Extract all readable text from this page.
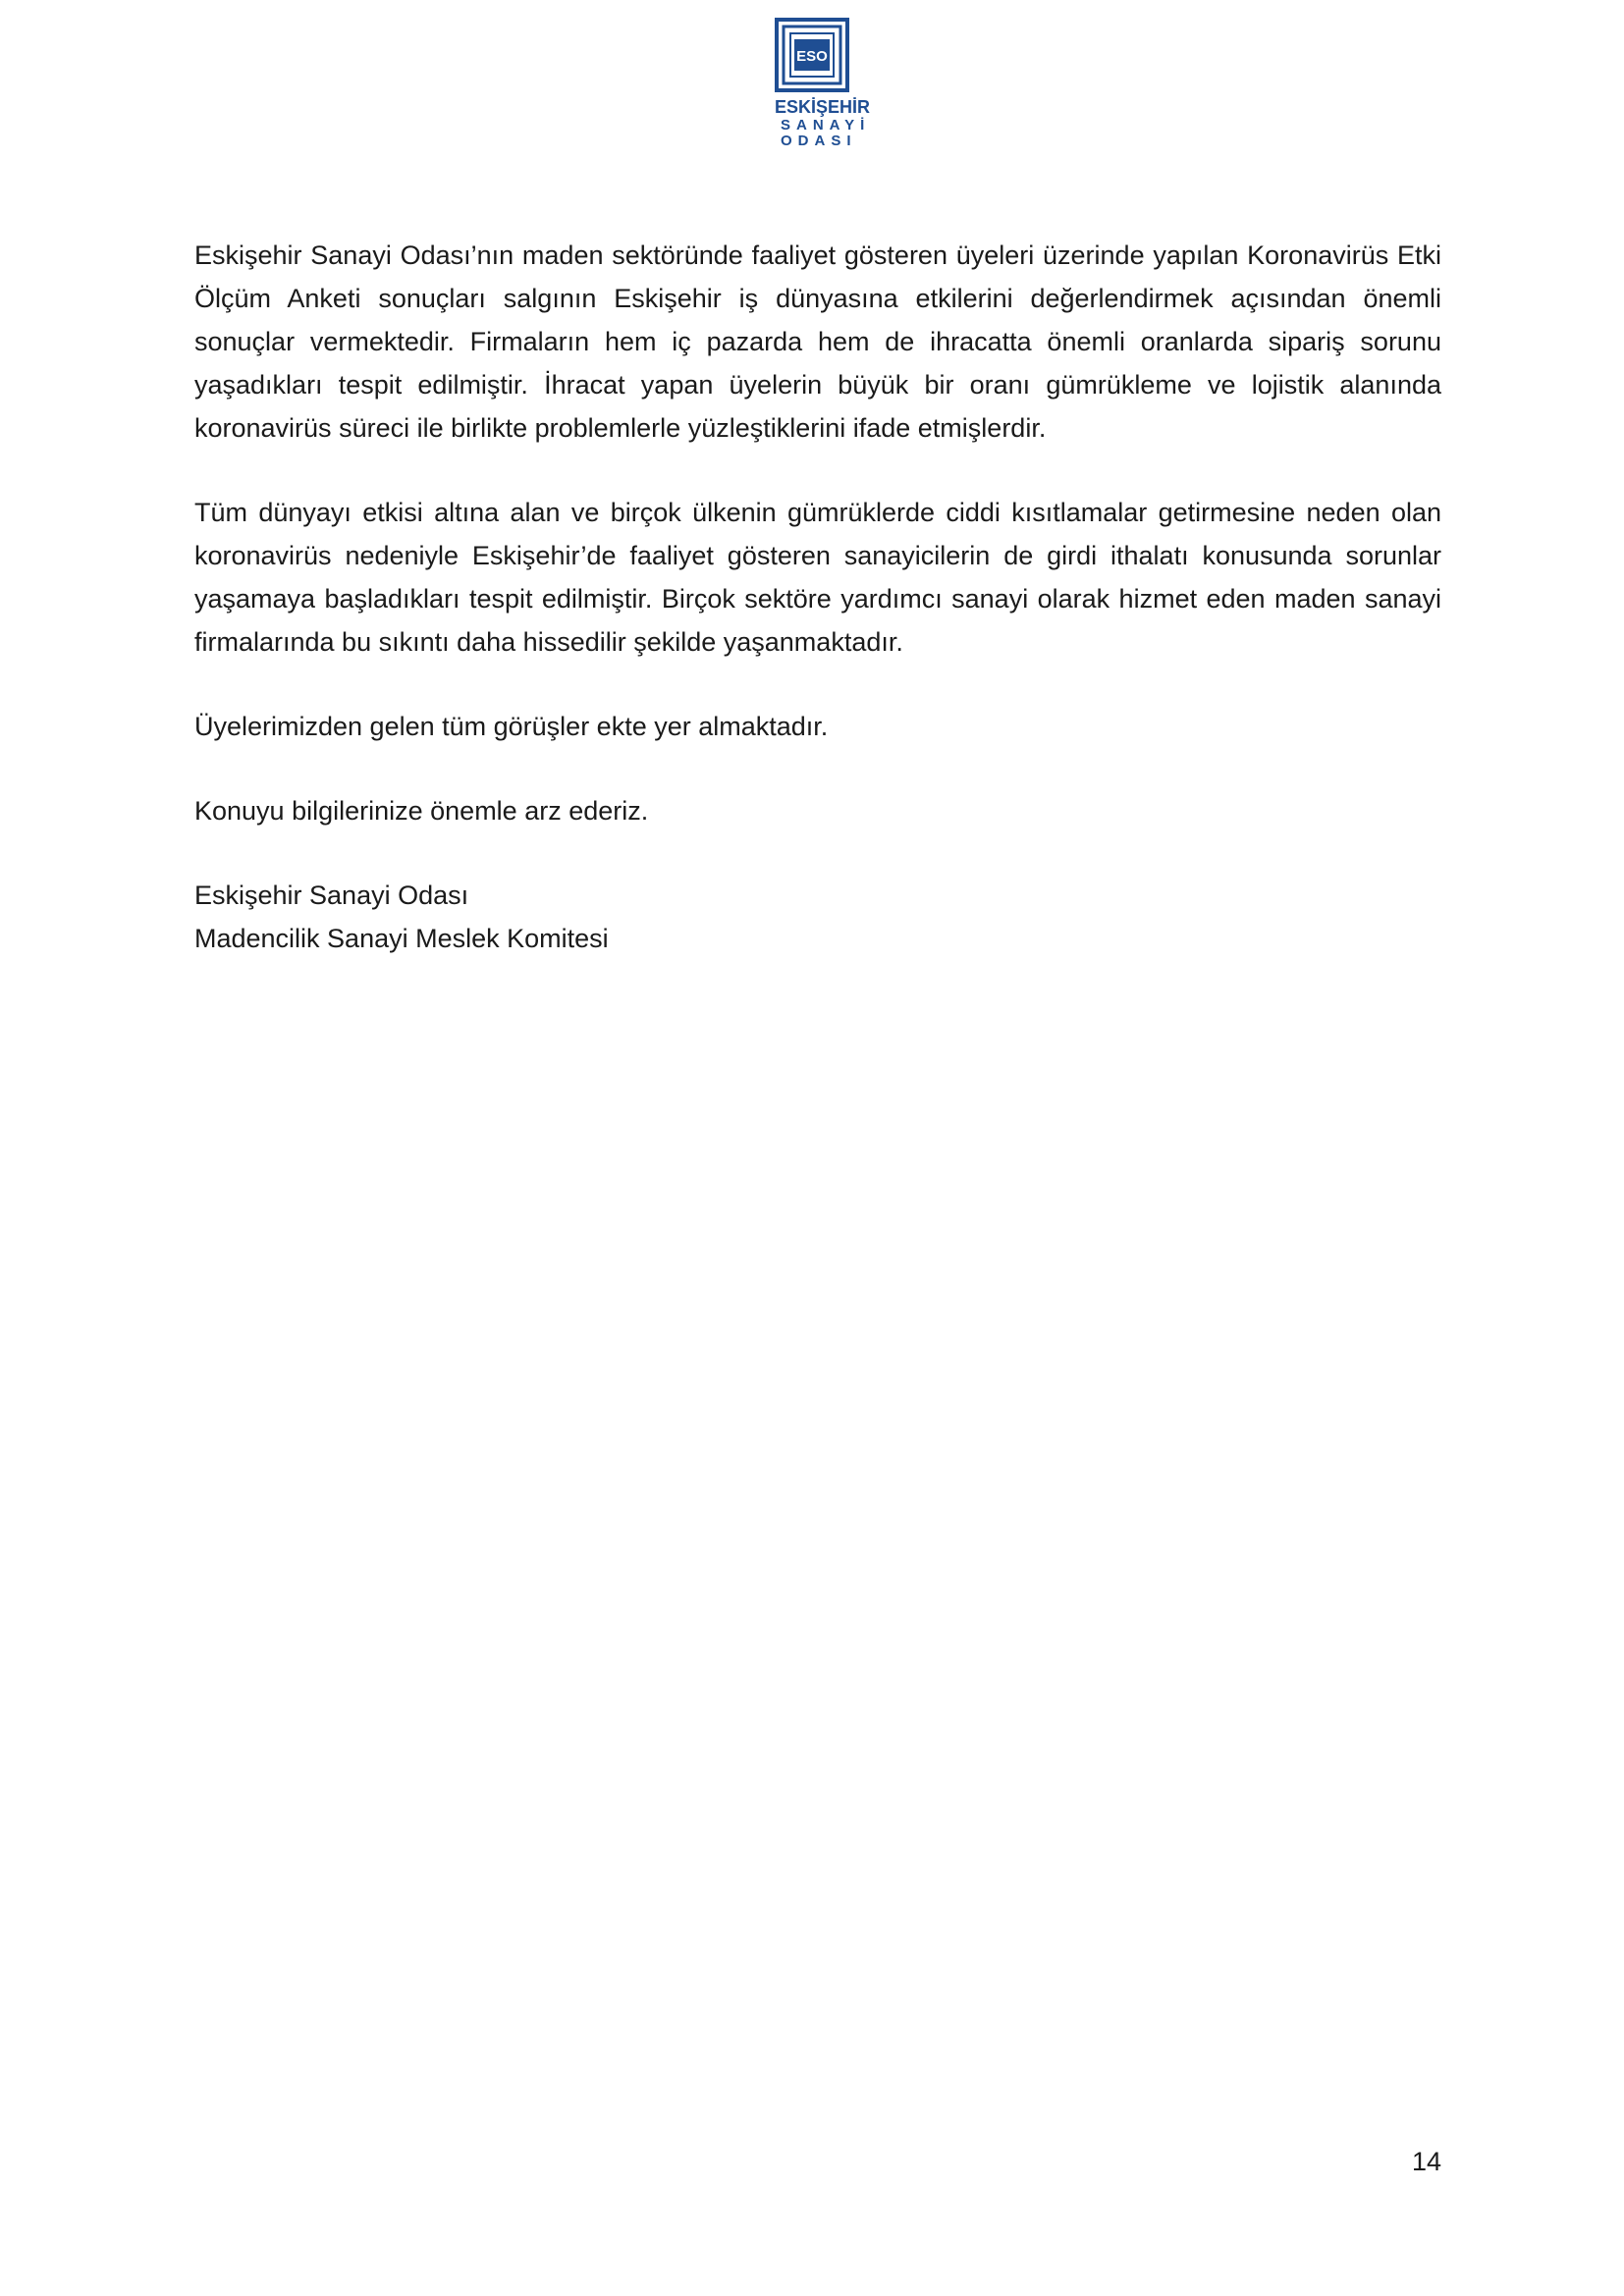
ESO
ESKİŞEHİR
SANAYİ
ODASI

Eskişehir Sanayi Odası’nın maden sektöründe faaliyet gösteren üyeleri üzerinde yapılan Koronavirüs Etki Ölçüm Anketi sonuçları salgının Eskişehir iş dünyasına etkilerini değerlendirmek açısından önemli sonuçlar vermektedir. Firmaların hem iç pazarda hem de ihracatta önemli oranlarda sipariş sorunu yaşadıkları tespit edilmiştir. İhracat yapan üyelerin büyük bir oranı gümrükleme ve lojistik alanında koronavirüs süreci ile birlikte problemlerle yüzleştiklerini ifade etmişlerdir.

Tüm dünyayı etkisi altına alan ve birçok ülkenin gümrüklerde ciddi kısıtlamalar getirmesine neden olan koronavirüs nedeniyle Eskişehir’de faaliyet gösteren sanayicilerin de girdi ithalatı konusunda sorunlar yaşamaya başladıkları tespit edilmiştir. Birçok sektöre yardımcı sanayi olarak hizmet eden maden sanayi firmalarında bu sıkıntı daha hissedilir şekilde yaşanmaktadır.

Üyelerimizden gelen tüm görüşler ekte yer almaktadır.

Konuyu bilgilerinize önemle arz ederiz.

Eskişehir Sanayi Odası
Madencilik Sanayi Meslek Komitesi
14
